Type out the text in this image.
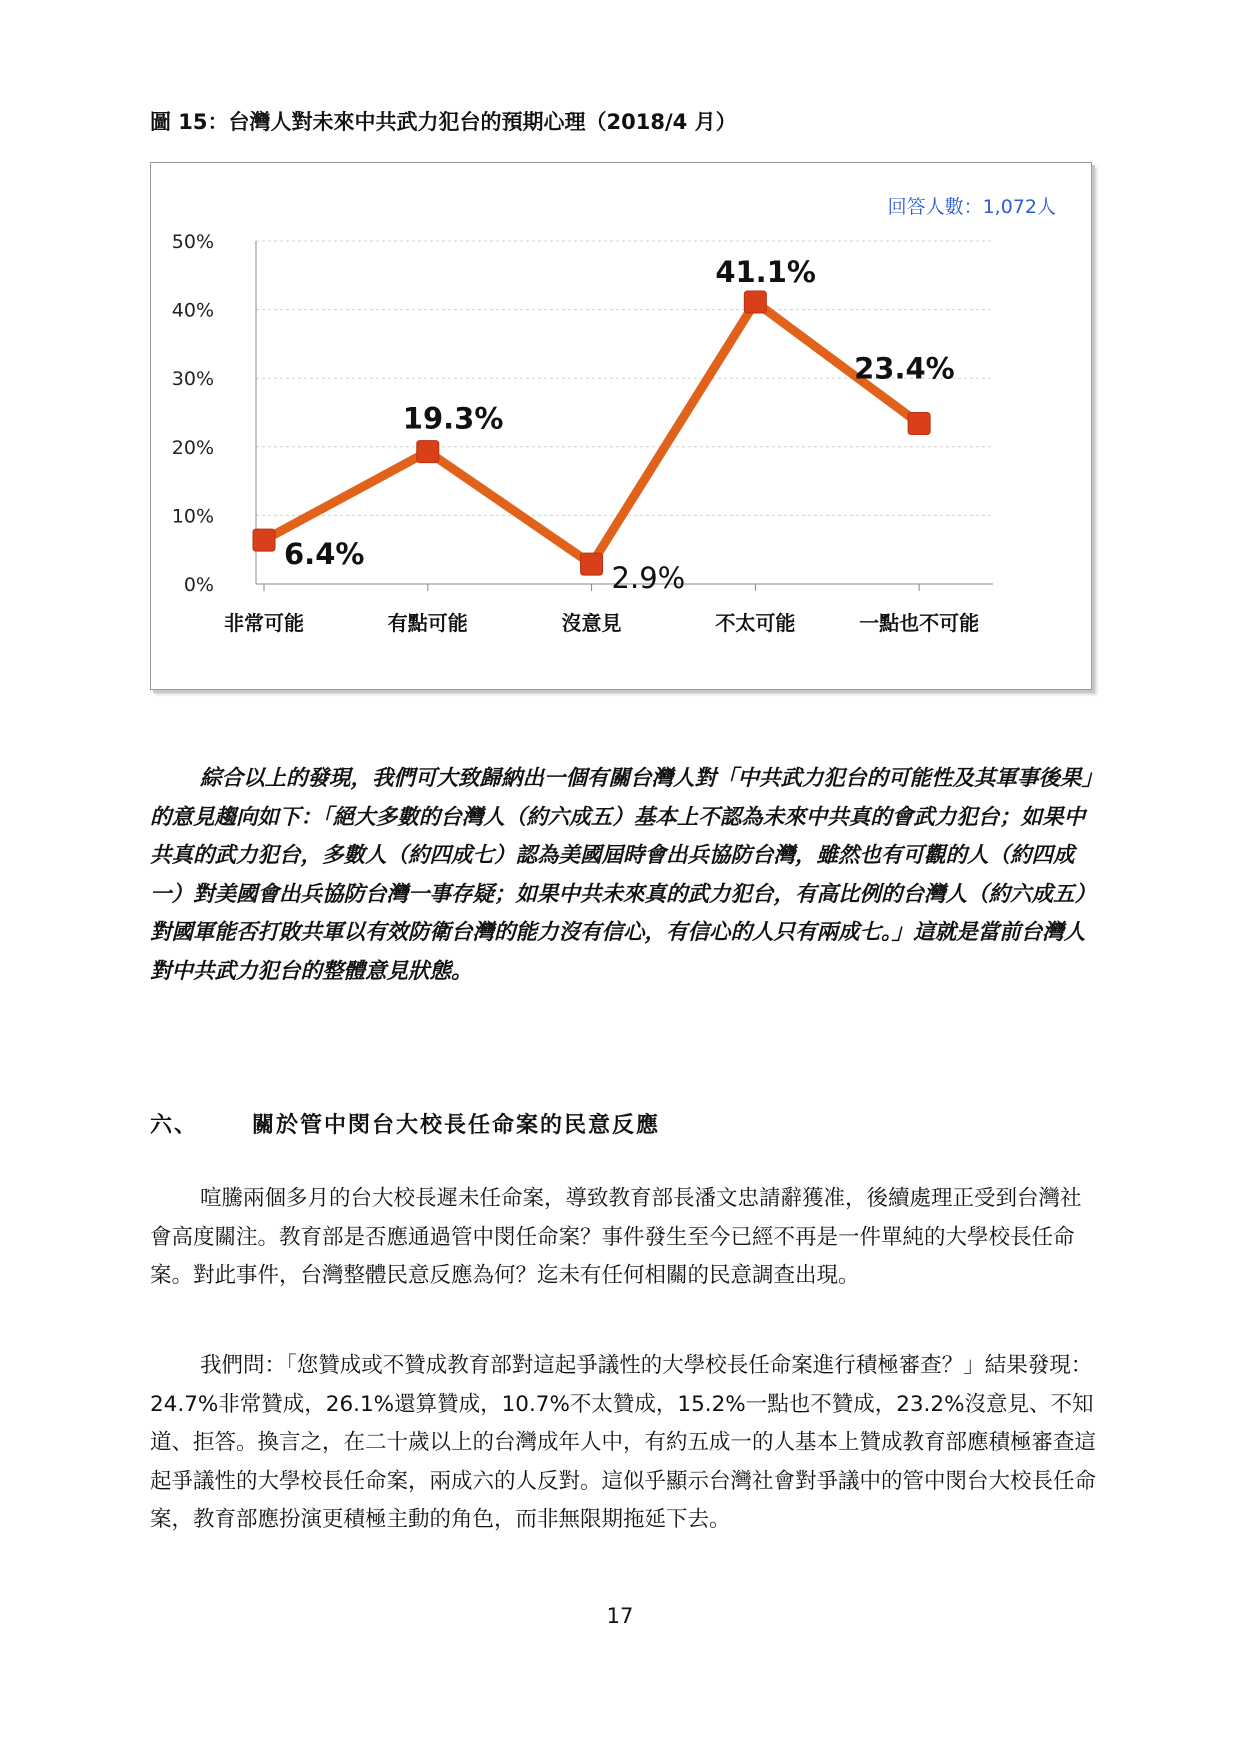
圖 15：台灣人對未來中共武力犯台的預期心理（2018/4 月）
0%
10%
20%
30%
40%
50%
非常可能	有點可能	沒意見	不太可能	一點也不可能
6.4%
19.3%
2.9%
41.1%
23.4%
回答人數：1,072人

綜合以上的發現，我們可大致歸納出一個有關台灣人對「中共武力犯台的可能性及其軍事後果」的意見趨向如下：「絕大多數的台灣人（約六成五）基本上不認為未來中共真的會武力犯台；如果中共真的武力犯台，多數人（約四成七）認為美國屆時會出兵協防台灣，雖然也有可觀的人（約四成一）對美國會出兵協防台灣一事存疑；如果中共未來真的武力犯台，有高比例的台灣人（約六成五）對國軍能否打敗共軍以有效防衛台灣的能力沒有信心，有信心的人只有兩成七。」這就是當前台灣人對中共武力犯台的整體意見狀態。

六、 關於管中閔台大校長任命案的民意反應

喧騰兩個多月的台大校長遲未任命案，導致教育部長潘文忠請辭獲准，後續處理正受到台灣社會高度關注。教育部是否應通過管中閔任命案？事件發生至今已經不再是一件單純的大學校長任命案。對此事件，台灣整體民意反應為何？迄未有任何相關的民意調查出現。

我們問：「您贊成或不贊成教育部對這起爭議性的大學校長任命案進行積極審查？」結果發現：24.7%非常贊成，26.1%還算贊成，10.7%不太贊成，15.2%一點也不贊成，23.2%沒意見、不知道、拒答。換言之，在二十歲以上的台灣成年人中，有約五成一的人基本上贊成教育部應積極審查這起爭議性的大學校長任命案，兩成六的人反對。這似乎顯示台灣社會對爭議中的管中閔台大校長任命案，教育部應扮演更積極主動的角色，而非無限期拖延下去。

17
